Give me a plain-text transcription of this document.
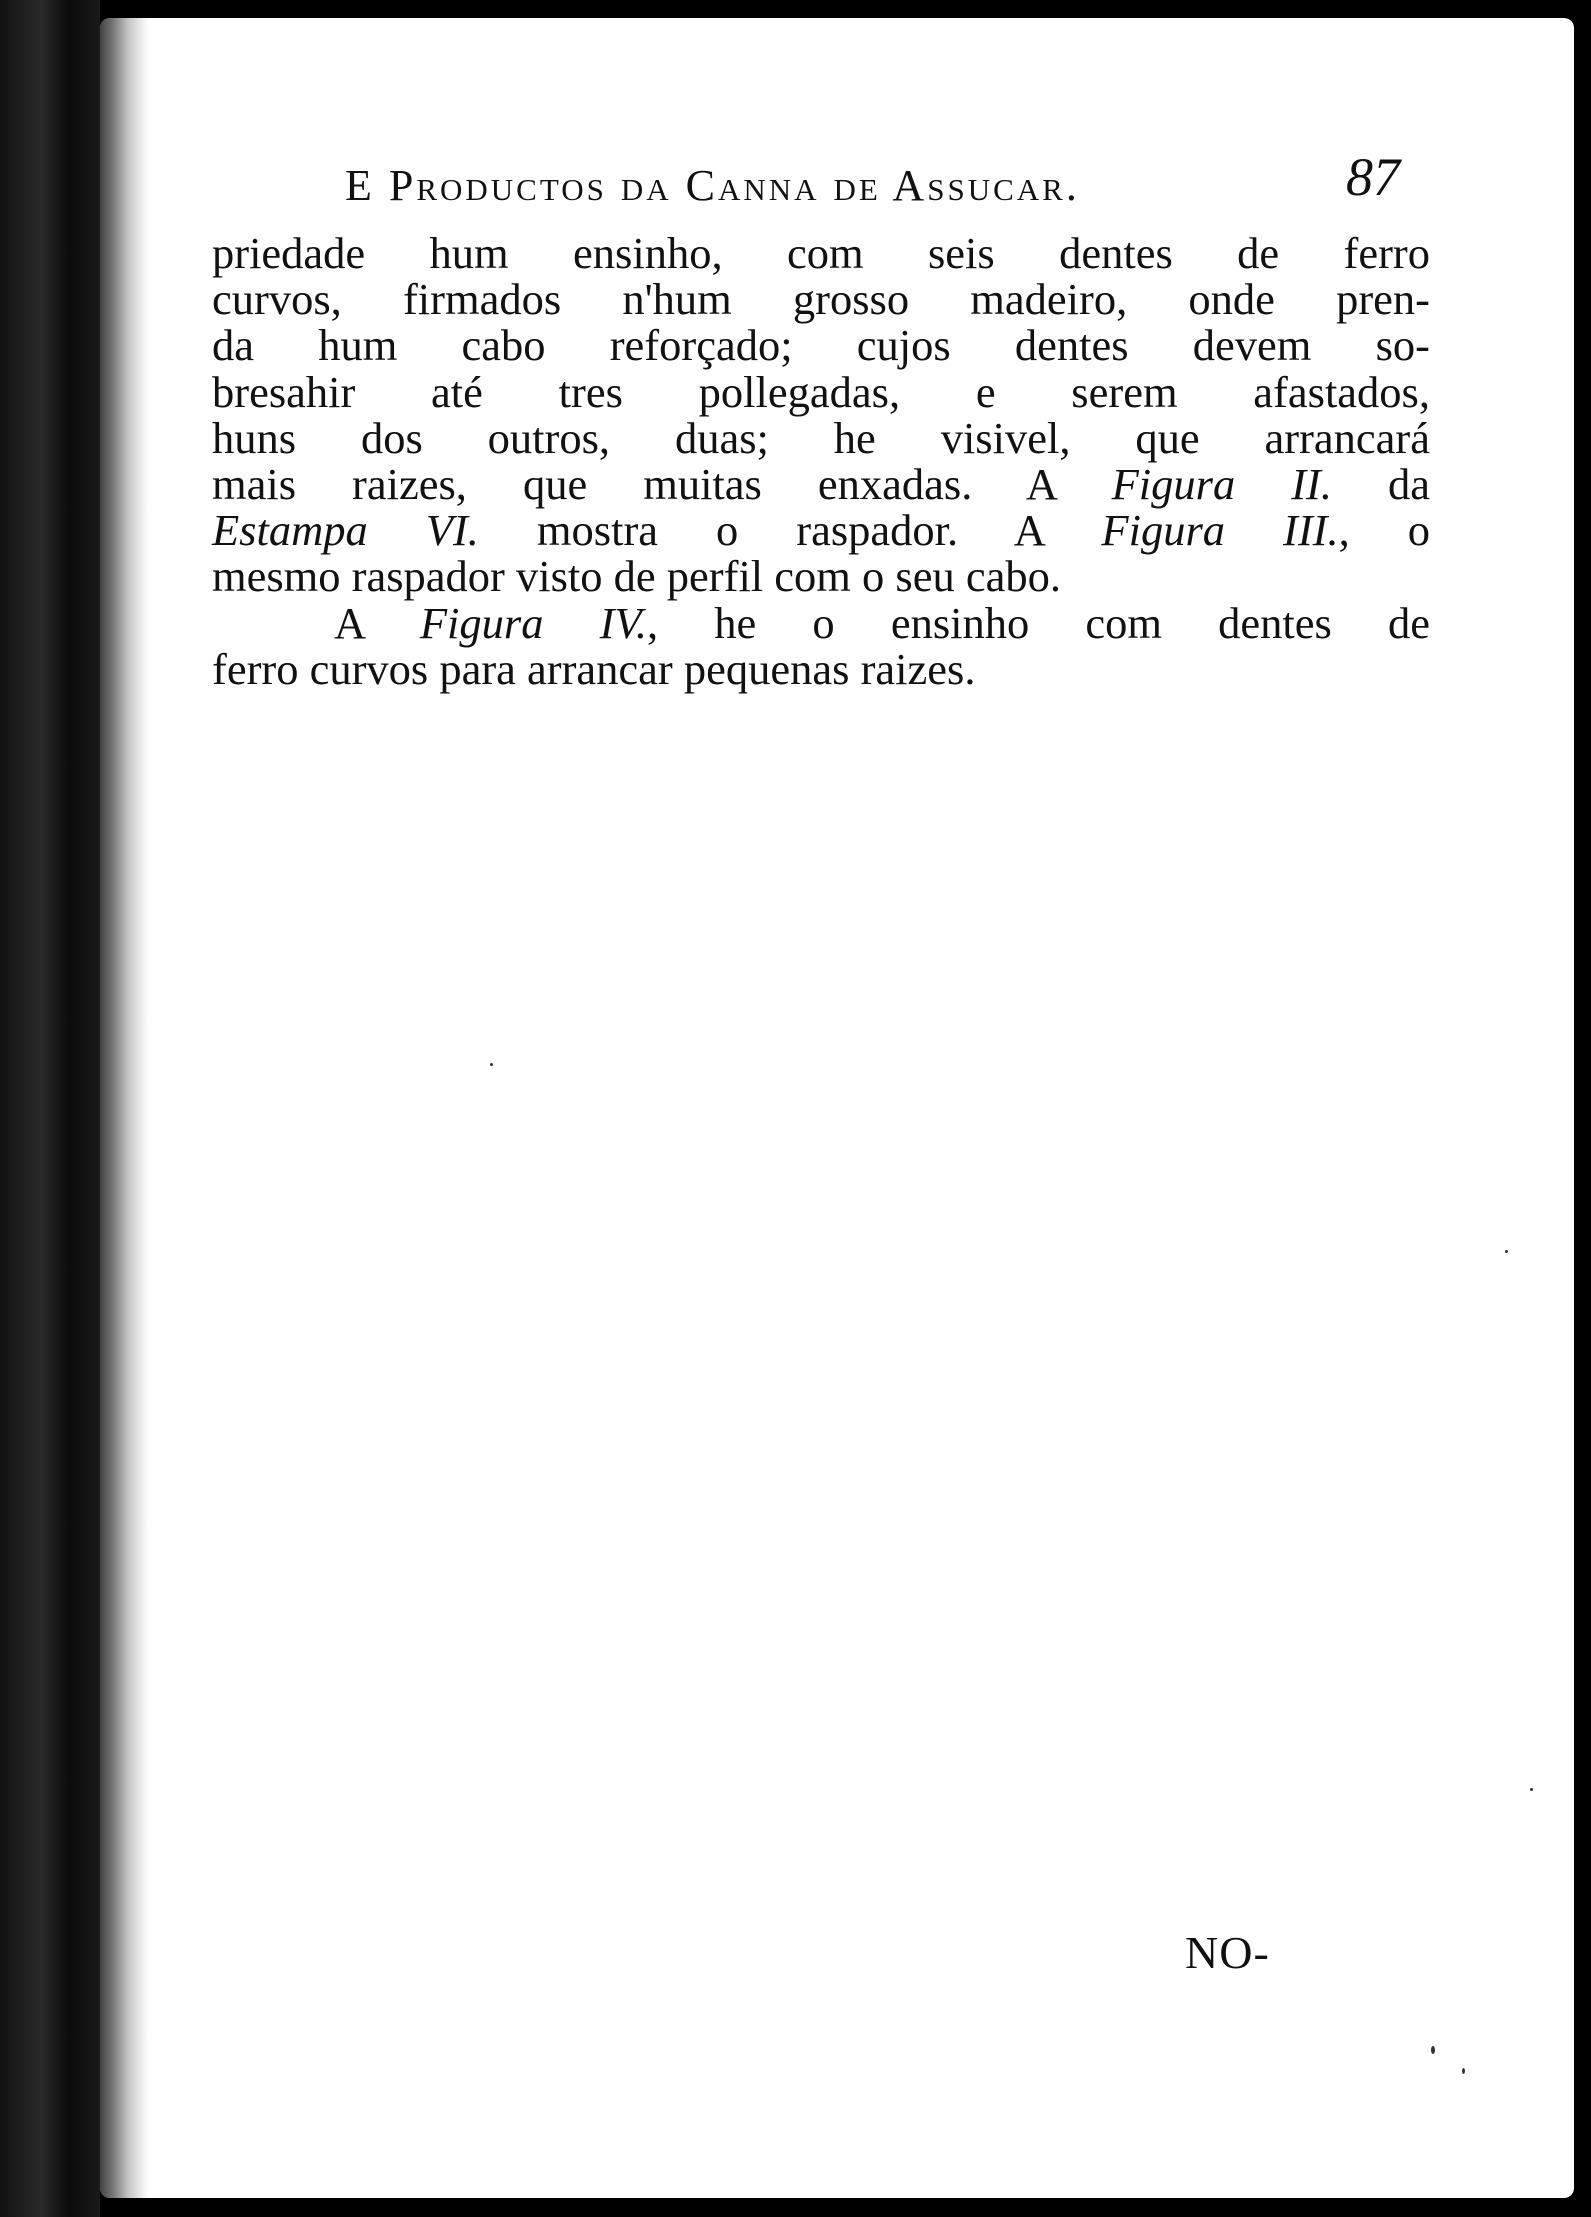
E Productos da Canna de Assucar.	87
priedade hum ensinho, com seis dentes de ferro
curvos, firmados n'hum grosso madeiro, onde pren-
da hum cabo reforçado; cujos dentes devem so-
bresahir até tres pollegadas, e serem afastados,
huns dos outros, duas; he visivel, que arrancará
mais raizes, que muitas enxadas. A Figura II. da
Estampa VI. mostra o raspador. A Figura III., o
mesmo raspador visto de perfil com o seu cabo.
A Figura IV., he o ensinho com dentes de
ferro curvos para arrancar pequenas raizes.
NO-
